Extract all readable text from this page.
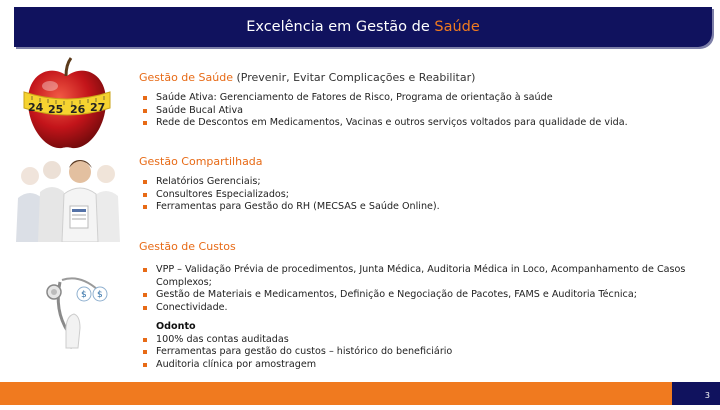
Excelência em Gestão de Saúde
24 25 26 27
$ $
Gestão de Saúde (Prevenir, Evitar Complicações e Reabilitar)
Saúde Ativa: Gerenciamento de Fatores de Risco, Programa de orientação à saúde
Saúde Bucal Ativa
Rede de Descontos em Medicamentos, Vacinas e outros serviços voltados para qualidade de vida.
Gestão Compartilhada
Relatórios Gerenciais;
Consultores Especializados;
Ferramentas para Gestão do RH (MECSAS e Saúde Online).
Gestão de Custos
VPP – Validação Prévia de procedimentos, Junta Médica, Auditoria Médica in Loco, Acompanhamento de Casos Complexos;
Gestão de Materiais e Medicamentos, Definição e Negociação de Pacotes, FAMS e Auditoria Técnica;
Conectividade.
Odonto
100% das contas auditadas
Ferramentas para gestão do custos – histórico do beneficiário
Auditoria clínica por amostragem
3
